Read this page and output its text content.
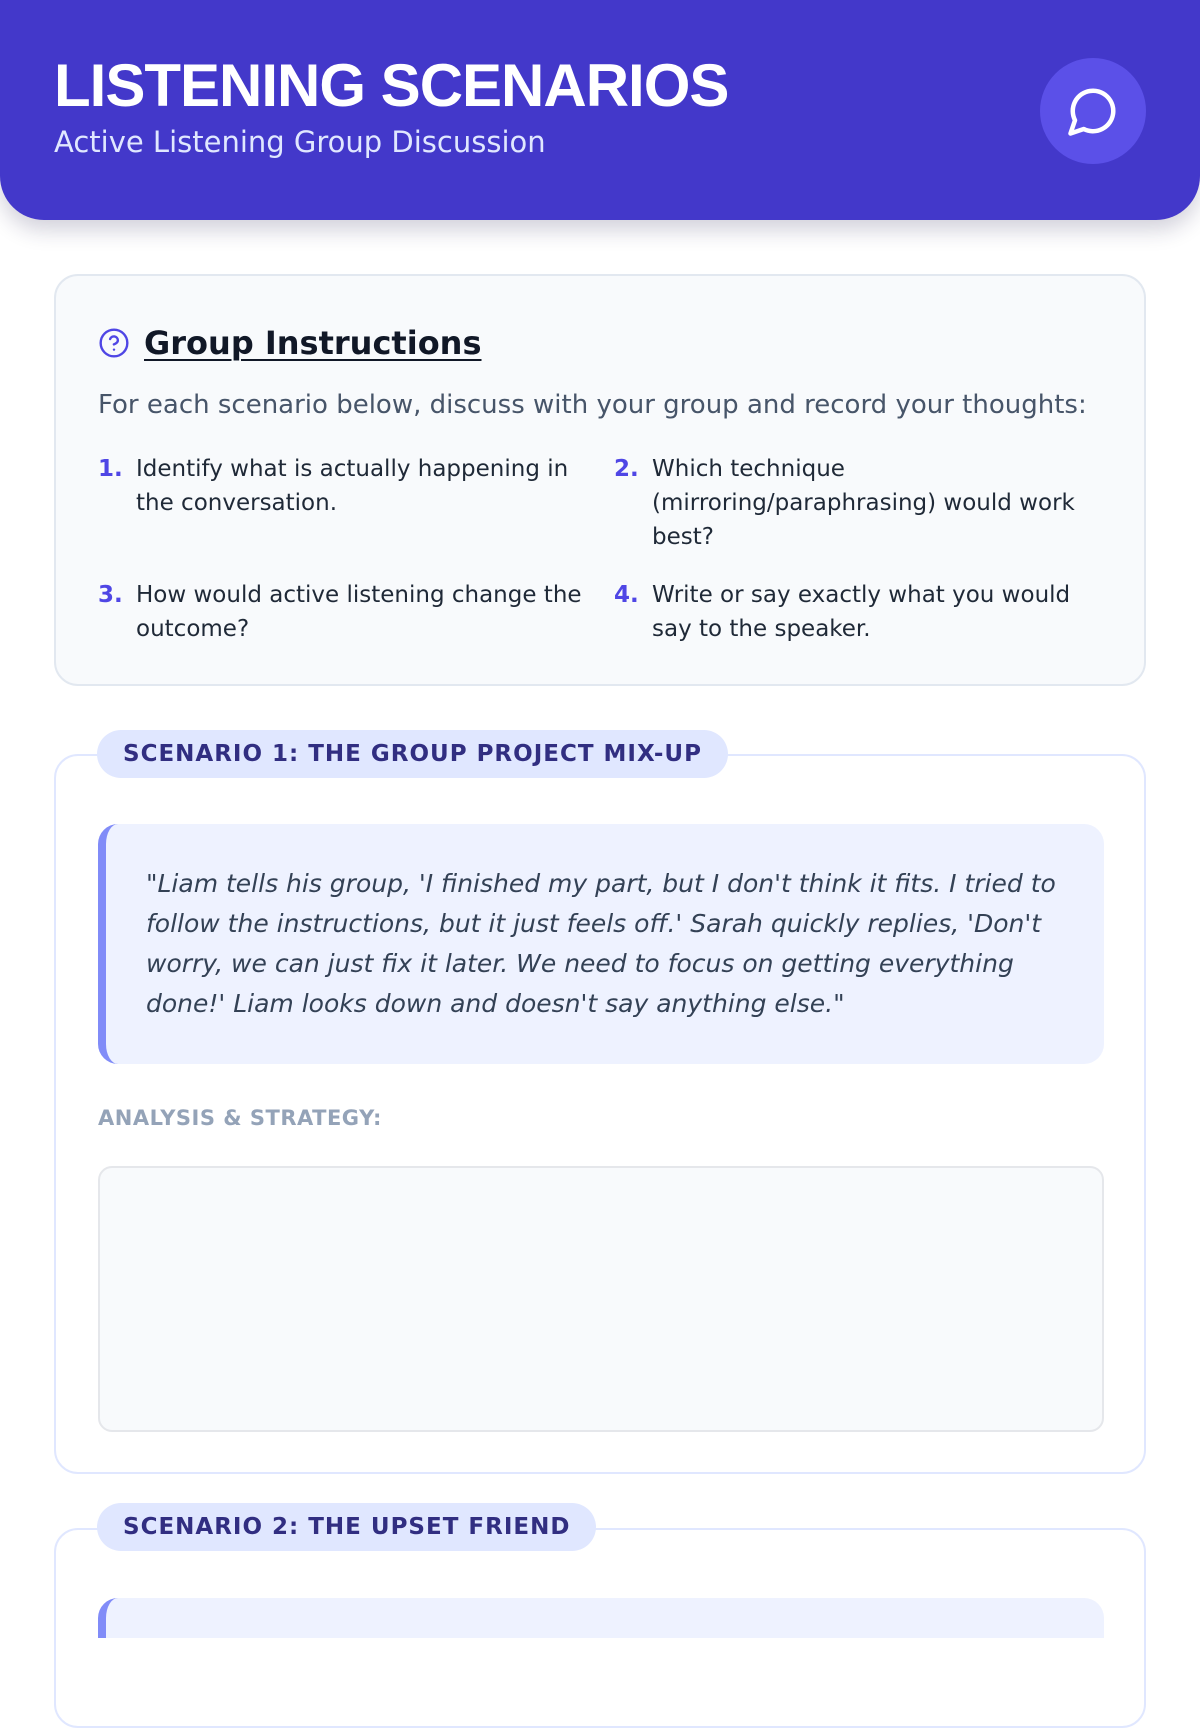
LISTENING SCENARIOS
Active Listening Group Discussion
Group Instructions
For each scenario below, discuss with your group and record your thoughts:
1. Identify what is actually happening in the conversation.
2. Which technique (mirroring/paraphrasing) would work best?
3. How would active listening change the outcome?
4. Write or say exactly what you would say to the speaker.
"Liam tells his group, 'I finished my part, but I don't think it fits. I tried to follow the instructions, but it just feels off.' Sarah quickly replies, 'Don't worry, we can just fix it later. We need to focus on getting everything done!' Liam looks down and doesn't say anything else."
ANALYSIS & STRATEGY:
SCENARIO 1: THE GROUP PROJECT MIX-UP
SCENARIO 2: THE UPSET FRIEND
